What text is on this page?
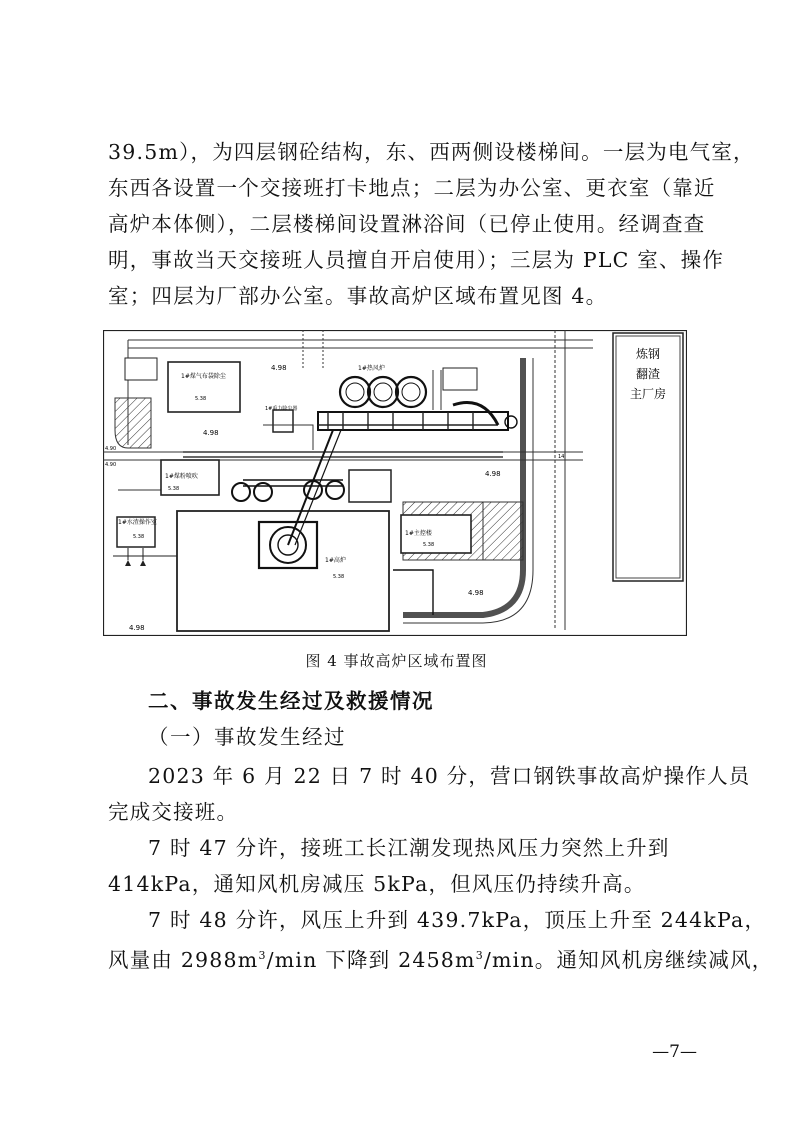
39.5m），为四层钢砼结构，东、西两侧设楼梯间。一层为电气室，
东西各设置一个交接班打卡地点；二层为办公室、更衣室（靠近
高炉本体侧），二层楼梯间设置淋浴间（已停止使用。经调查查
明，事故当天交接班人员擅自开启使用）；三层为 PLC 室、操作
室；四层为厂部办公室。事故高炉区域布置见图 4。

炼钢
翻渣
主厂房
1#煤气布袋除尘
1#热风炉
1#煤粉喷吹
1#高炉
1#主控楼
1#水渣操作室
1#重力除尘器
4.98
4.98
4.98
4.98
4.98
5.38
5.38
5.38
5.38
5.38
4.90
4.90
14
图 4 事故高炉区域布置图
二、事故发生经过及救援情况
（一）事故发生经过

2023 年 6 月 22 日 7 时 40 分，营口钢铁事故高炉操作人员
完成交接班。

7 时 47 分许，接班工长江潮发现热风压力突然上升到
414kPa，通知风机房减压 5kPa，但风压仍持续升高。

7 时 48 分许，风压上升到 439.7kPa，顶压上升至 244kPa，
风量由 $2988m^3/\min$ 下降到 $2458m^3/\min$。通知风机房继续减风，

—7—
